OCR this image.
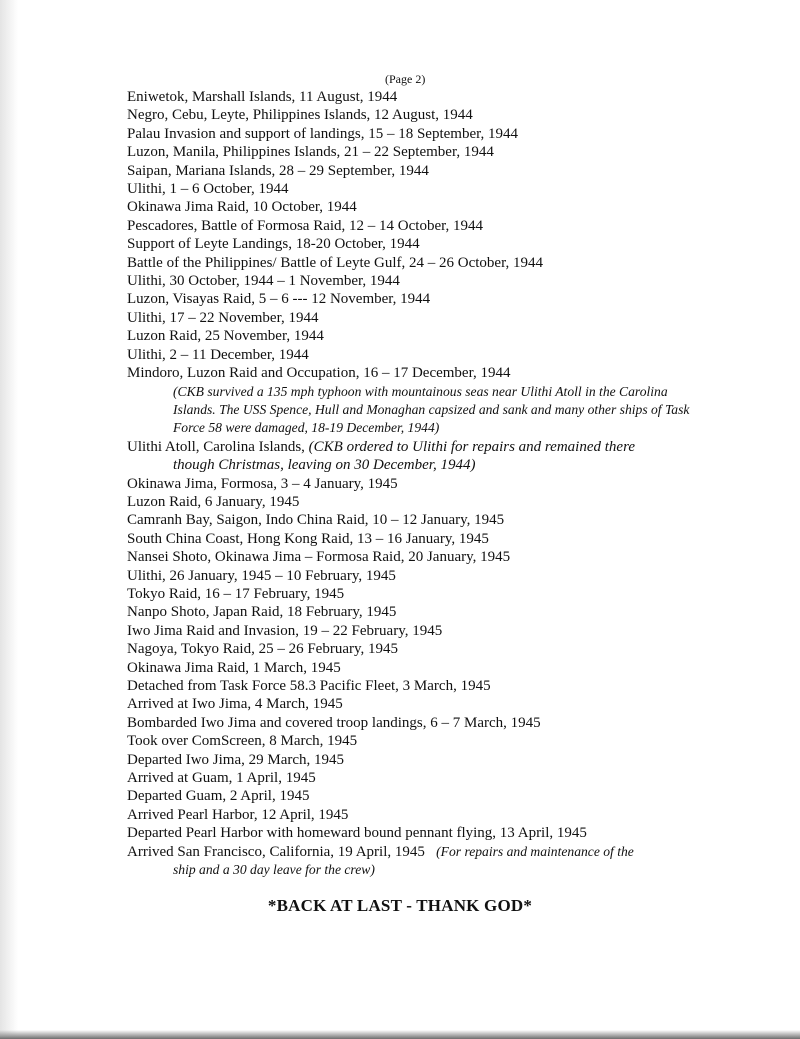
(Page 2)
Eniwetok, Marshall Islands, 11 August, 1944
Negro, Cebu, Leyte, Philippines Islands, 12 August, 1944
Palau Invasion and support of landings, 15 – 18 September, 1944
Luzon, Manila, Philippines Islands, 21 – 22 September, 1944
Saipan, Mariana Islands, 28 – 29 September, 1944
Ulithi, 1 – 6 October, 1944
Okinawa Jima Raid, 10 October, 1944
Pescadores, Battle of Formosa Raid, 12 – 14 October, 1944
Support of Leyte Landings, 18-20 October, 1944
Battle of the Philippines/ Battle of Leyte Gulf, 24 – 26 October, 1944
Ulithi, 30 October, 1944 – 1 November, 1944
Luzon, Visayas Raid, 5 – 6 --- 12 November, 1944
Ulithi, 17 – 22 November, 1944
Luzon Raid, 25 November, 1944
Ulithi, 2 – 11 December, 1944
Mindoro, Luzon Raid and Occupation, 16 – 17 December, 1944
(CKB survived a 135 mph typhoon with mountainous seas near Ulithi Atoll in the Carolina Islands. The USS Spence, Hull and Monaghan capsized and sank and many other ships of Task Force 58 were damaged, 18-19 December, 1944)
Ulithi Atoll, Carolina Islands, (CKB ordered to Ulithi for repairs and remained there
though Christmas, leaving on 30 December, 1944)
Okinawa Jima, Formosa, 3 – 4 January, 1945
Luzon Raid, 6 January, 1945
Camranh Bay, Saigon, Indo China Raid, 10 – 12 January, 1945
South China Coast, Hong Kong Raid, 13 – 16 January, 1945
Nansei Shoto, Okinawa Jima – Formosa Raid, 20 January, 1945
Ulithi, 26 January, 1945 – 10 February, 1945
Tokyo Raid, 16 – 17 February, 1945
Nanpo Shoto, Japan Raid, 18 February, 1945
Iwo Jima Raid and Invasion, 19 – 22 February, 1945
Nagoya, Tokyo Raid, 25 – 26 February, 1945
Okinawa Jima Raid, 1 March, 1945
Detached from Task Force 58.3 Pacific Fleet, 3 March, 1945
Arrived at Iwo Jima, 4 March, 1945
Bombarded Iwo Jima and covered troop landings, 6 – 7 March, 1945
Took over ComScreen, 8 March, 1945
Departed Iwo Jima, 29 March, 1945
Arrived at Guam, 1 April, 1945
Departed Guam, 2 April, 1945
Arrived Pearl Harbor, 12 April, 1945
Departed Pearl Harbor with homeward bound pennant flying, 13 April, 1945
Arrived San Francisco, California, 19 April, 1945 (For repairs and maintenance of the
ship and a 30 day leave for the crew)
*BACK AT LAST - THANK GOD*
